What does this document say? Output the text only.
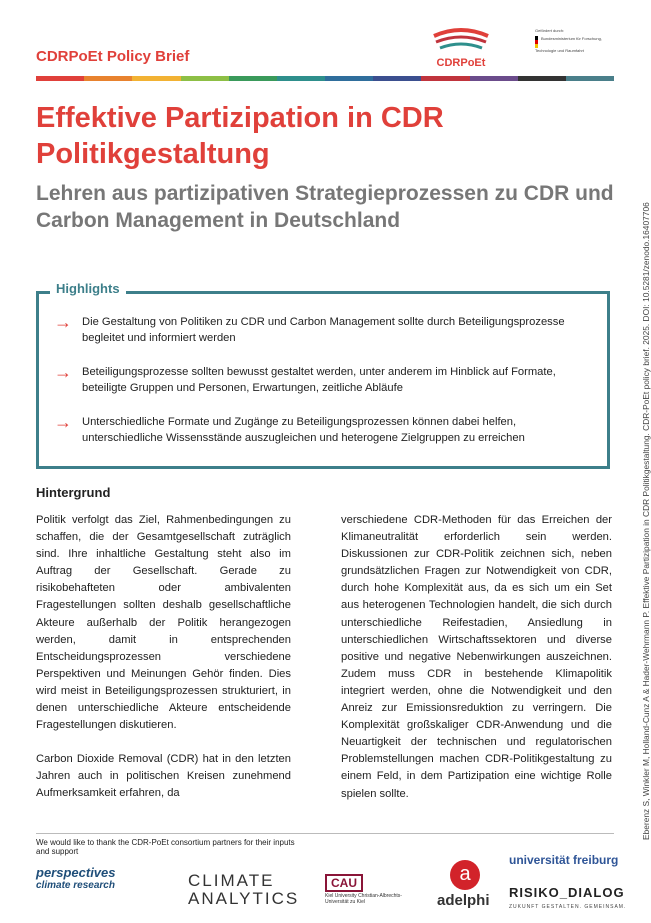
CDRPoEt Policy Brief	CDRPoEt
Gefördert durch:
Bundesministerium für Forschung, Technologie und Raumfahrt
Effektive Partizipation in CDR Politikgestaltung
Lehren aus partizipativen Strategieprozessen zu CDR und Carbon Management in Deutschland
Highlights
→ Die Gestaltung von Politiken zu CDR und Carbon Management sollte durch Beteiligungsprozesse begleitet und informiert werden
→ Beteiligungsprozesse sollten bewusst gestaltet werden, unter anderem im Hinblick auf Formate, beteiligte Gruppen und Personen, Erwartungen, zeitliche Abläufe
→ Unterschiedliche Formate und Zugänge zu Beteiligungsprozessen können dabei helfen, unterschiedliche Wissensstände auszugleichen und heterogene Zielgruppen zu erreichen
Hintergrund

Politik verfolgt das Ziel, Rahmenbedingungen zu schaffen, die der Gesamtgesellschaft zuträglich sind. Ihre inhaltliche Gestaltung steht also im Auftrag der Gesellschaft. Gerade zu risikobehafteten oder ambivalenten Fragestellungen sollten deshalb gesellschaftliche Akteure außerhalb der Politik herangezogen werden, damit in entsprechenden Entscheidungsprozessen verschiedene Perspektiven und Meinungen Gehör finden. Dies wird meist in Beteiligungsprozessen strukturiert, in denen unterschiedliche Akteure entscheidende Fragestellungen diskutieren.

Carbon Dioxide Removal (CDR) hat in den letzten Jahren auch in politischen Kreisen zunehmend Aufmerksamkeit erfahren, da

verschiedene CDR-Methoden für das Erreichen der Klimaneutralität erforderlich sein werden. Diskussionen zur CDR-Politik zeichnen sich, neben grundsätzlichen Fragen zur Notwendigkeit von CDR, durch hohe Komplexität aus, da es sich um ein Set aus heterogenen Technologien handelt, die sich durch unterschiedliche Reifestadien, Ansiedlung in unterschiedlichen Wirtschaftssektoren und diverse positive und negative Nebenwirkungen auszeichnen. Zudem muss CDR in bestehende Klimapolitik integriert werden, ohne die Notwendigkeit und den Anreiz zur Emissionsreduktion zu verringern. Die Komplexität großskaliger CDR-Anwendung und die Neuartigkeit der technischen und regulatorischen Problemstellungen machen CDR-Politikgestaltung zu einem Feld, in dem Partizipation eine wichtige Rolle spielen sollte.	Eberenz S, Winkler M, Holland-Cunz A & Hader-Wehrmann P. Effektive Partizipation in CDR Politikgestaltung. CDR-PoEt policy brief. 2025. DOI: 10.5281/zenodo.16407706
We would like to thank the CDR-PoEt consortium partners for their inputs and support
perspectives
climate research	CLIMATE ANALYTICS
CAU
Kiel University Christian-Albrechts-Universität zu Kiel
a
adelphi
universität freiburg
RISIKO_DIALOG
ZUKUNFT GESTALTEN. GEMEINSAM.
